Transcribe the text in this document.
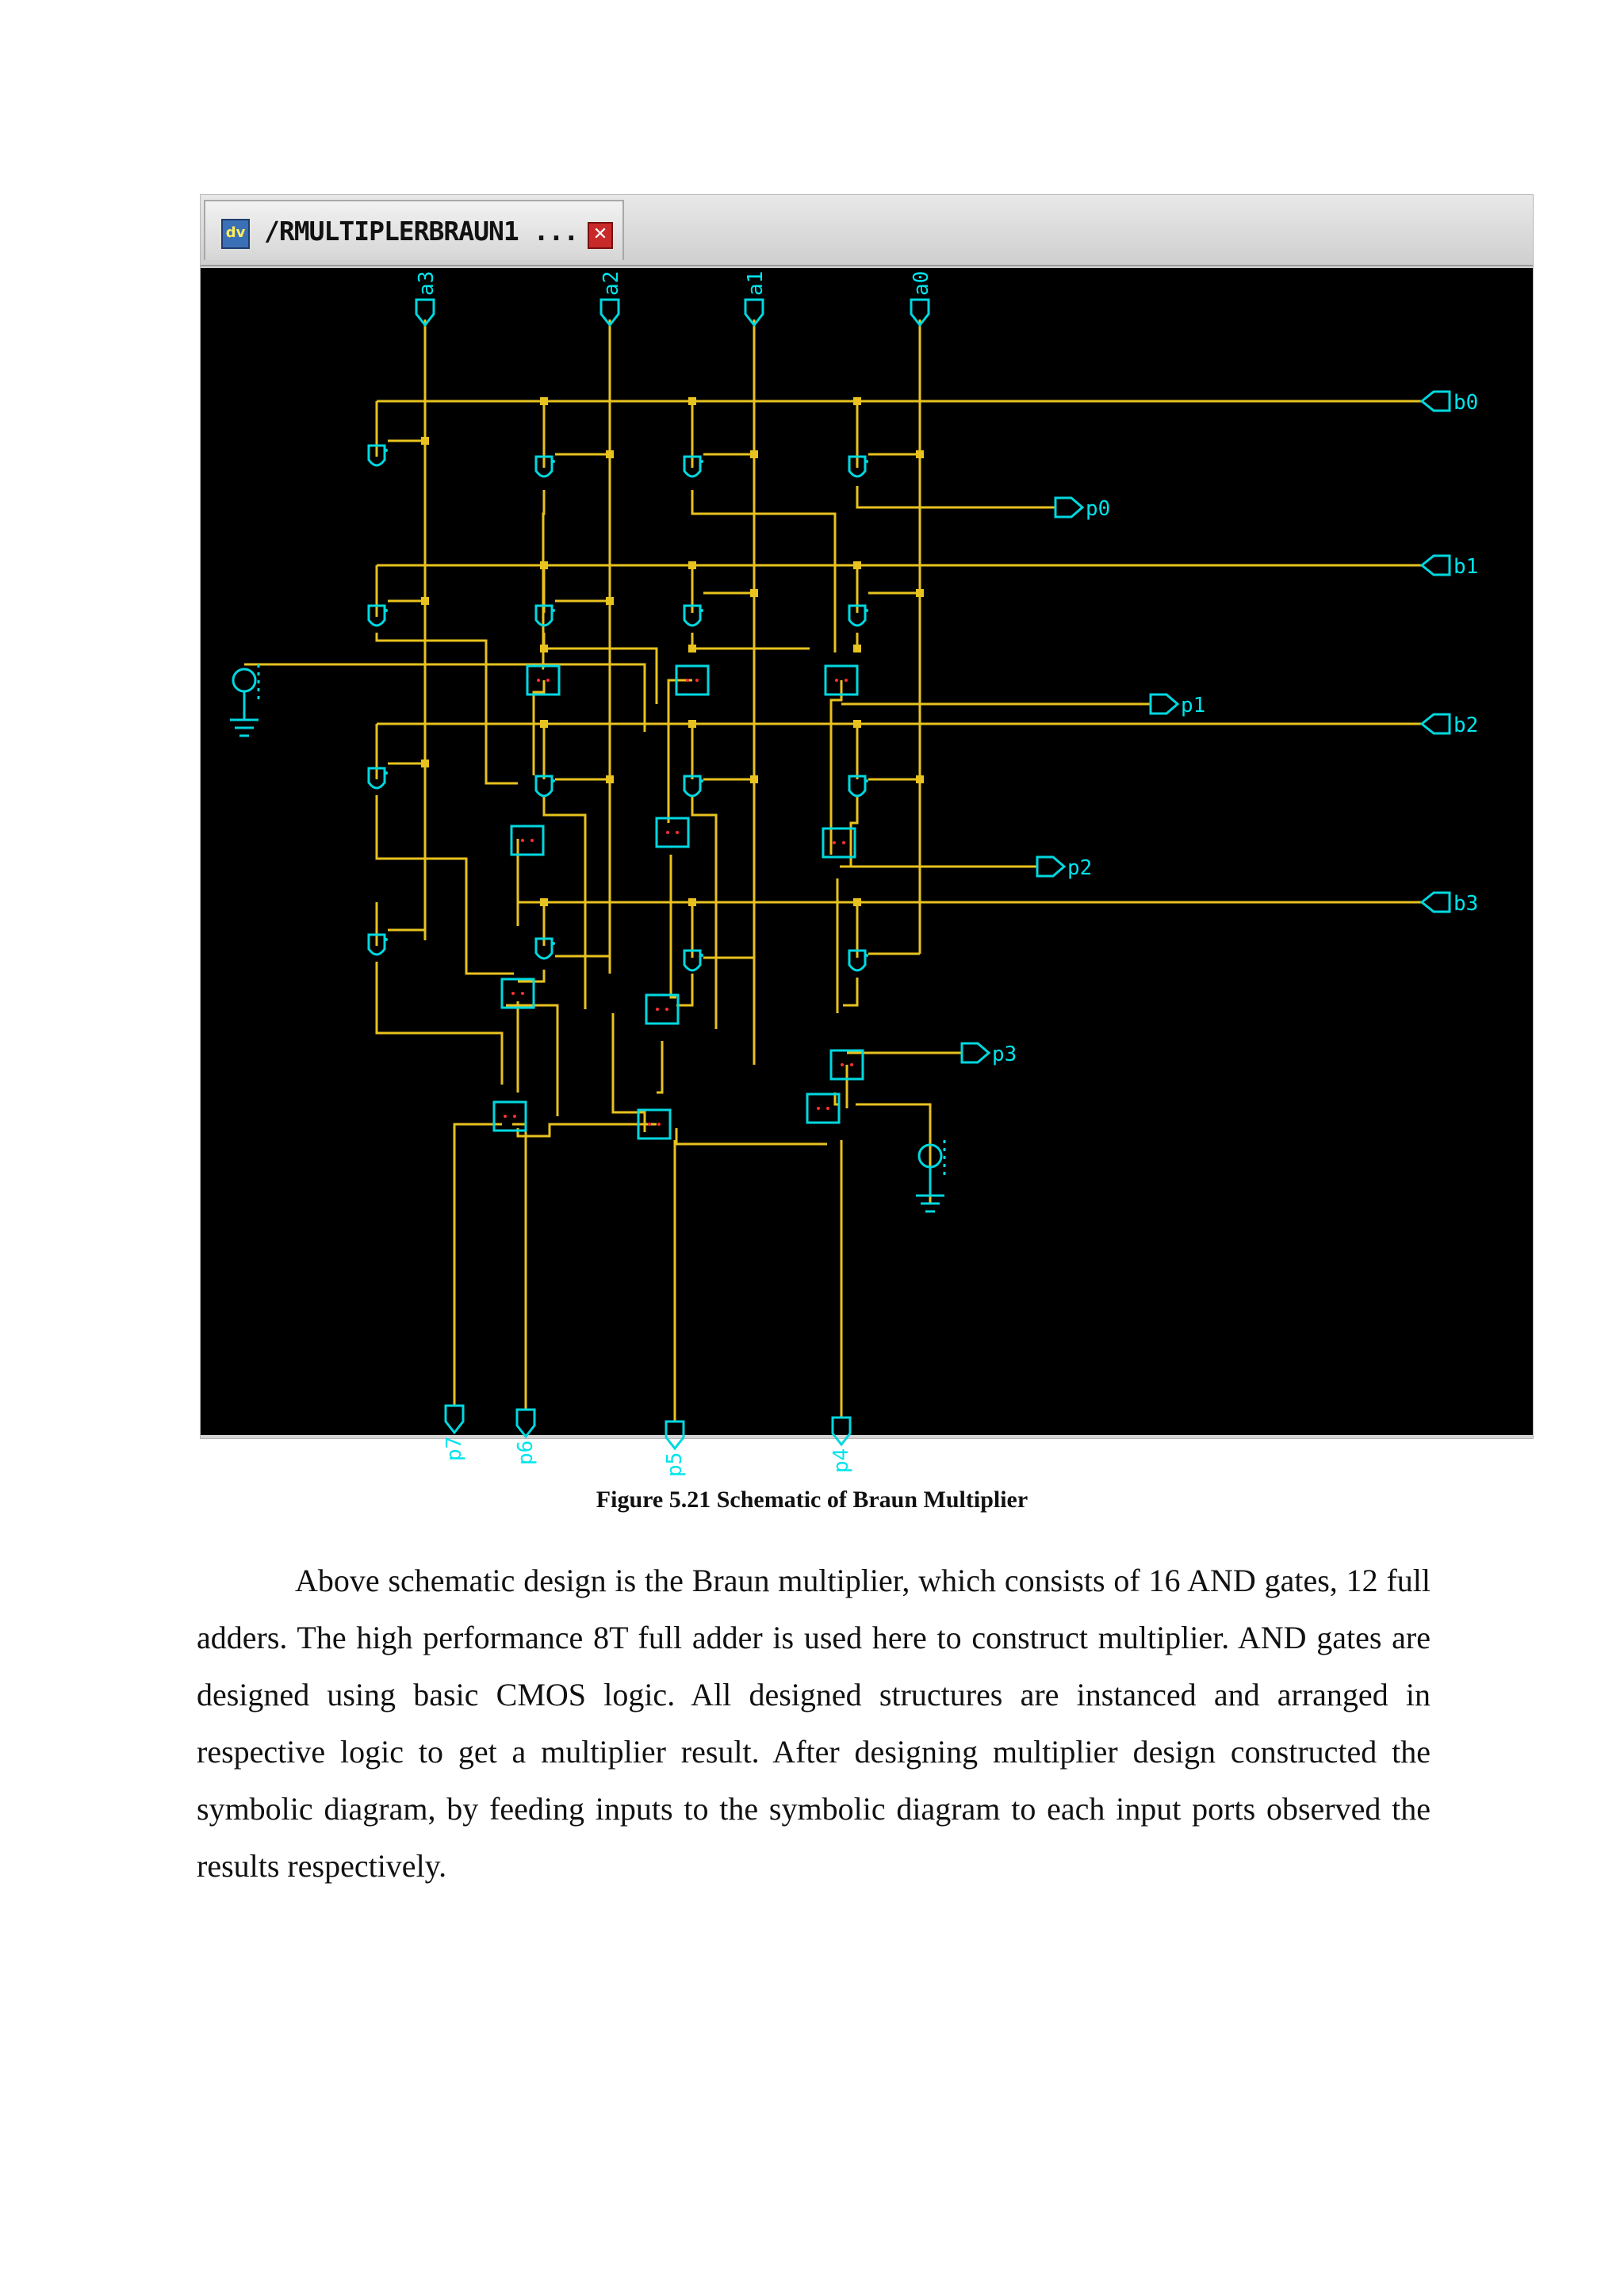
dv /RMULTIPLERBRAUN1 ... ✕
a3	a2	a1	a0
b0
b1
b2
b3
p0
p1
p2
p3
p7 p6	p5	p4
Figure 5.21 Schematic of Braun Multiplier

Above schematic design is the Braun multiplier, which consists of 16 AND gates, 12 full adders. The high performance 8T full adder is used here to construct multiplier. AND gates are designed using basic CMOS logic. All designed structures are instanced and arranged in respective logic to get a multiplier result. After designing multiplier design constructed the symbolic diagram, by feeding inputs to the symbolic diagram to each input ports observed the results respectively.
